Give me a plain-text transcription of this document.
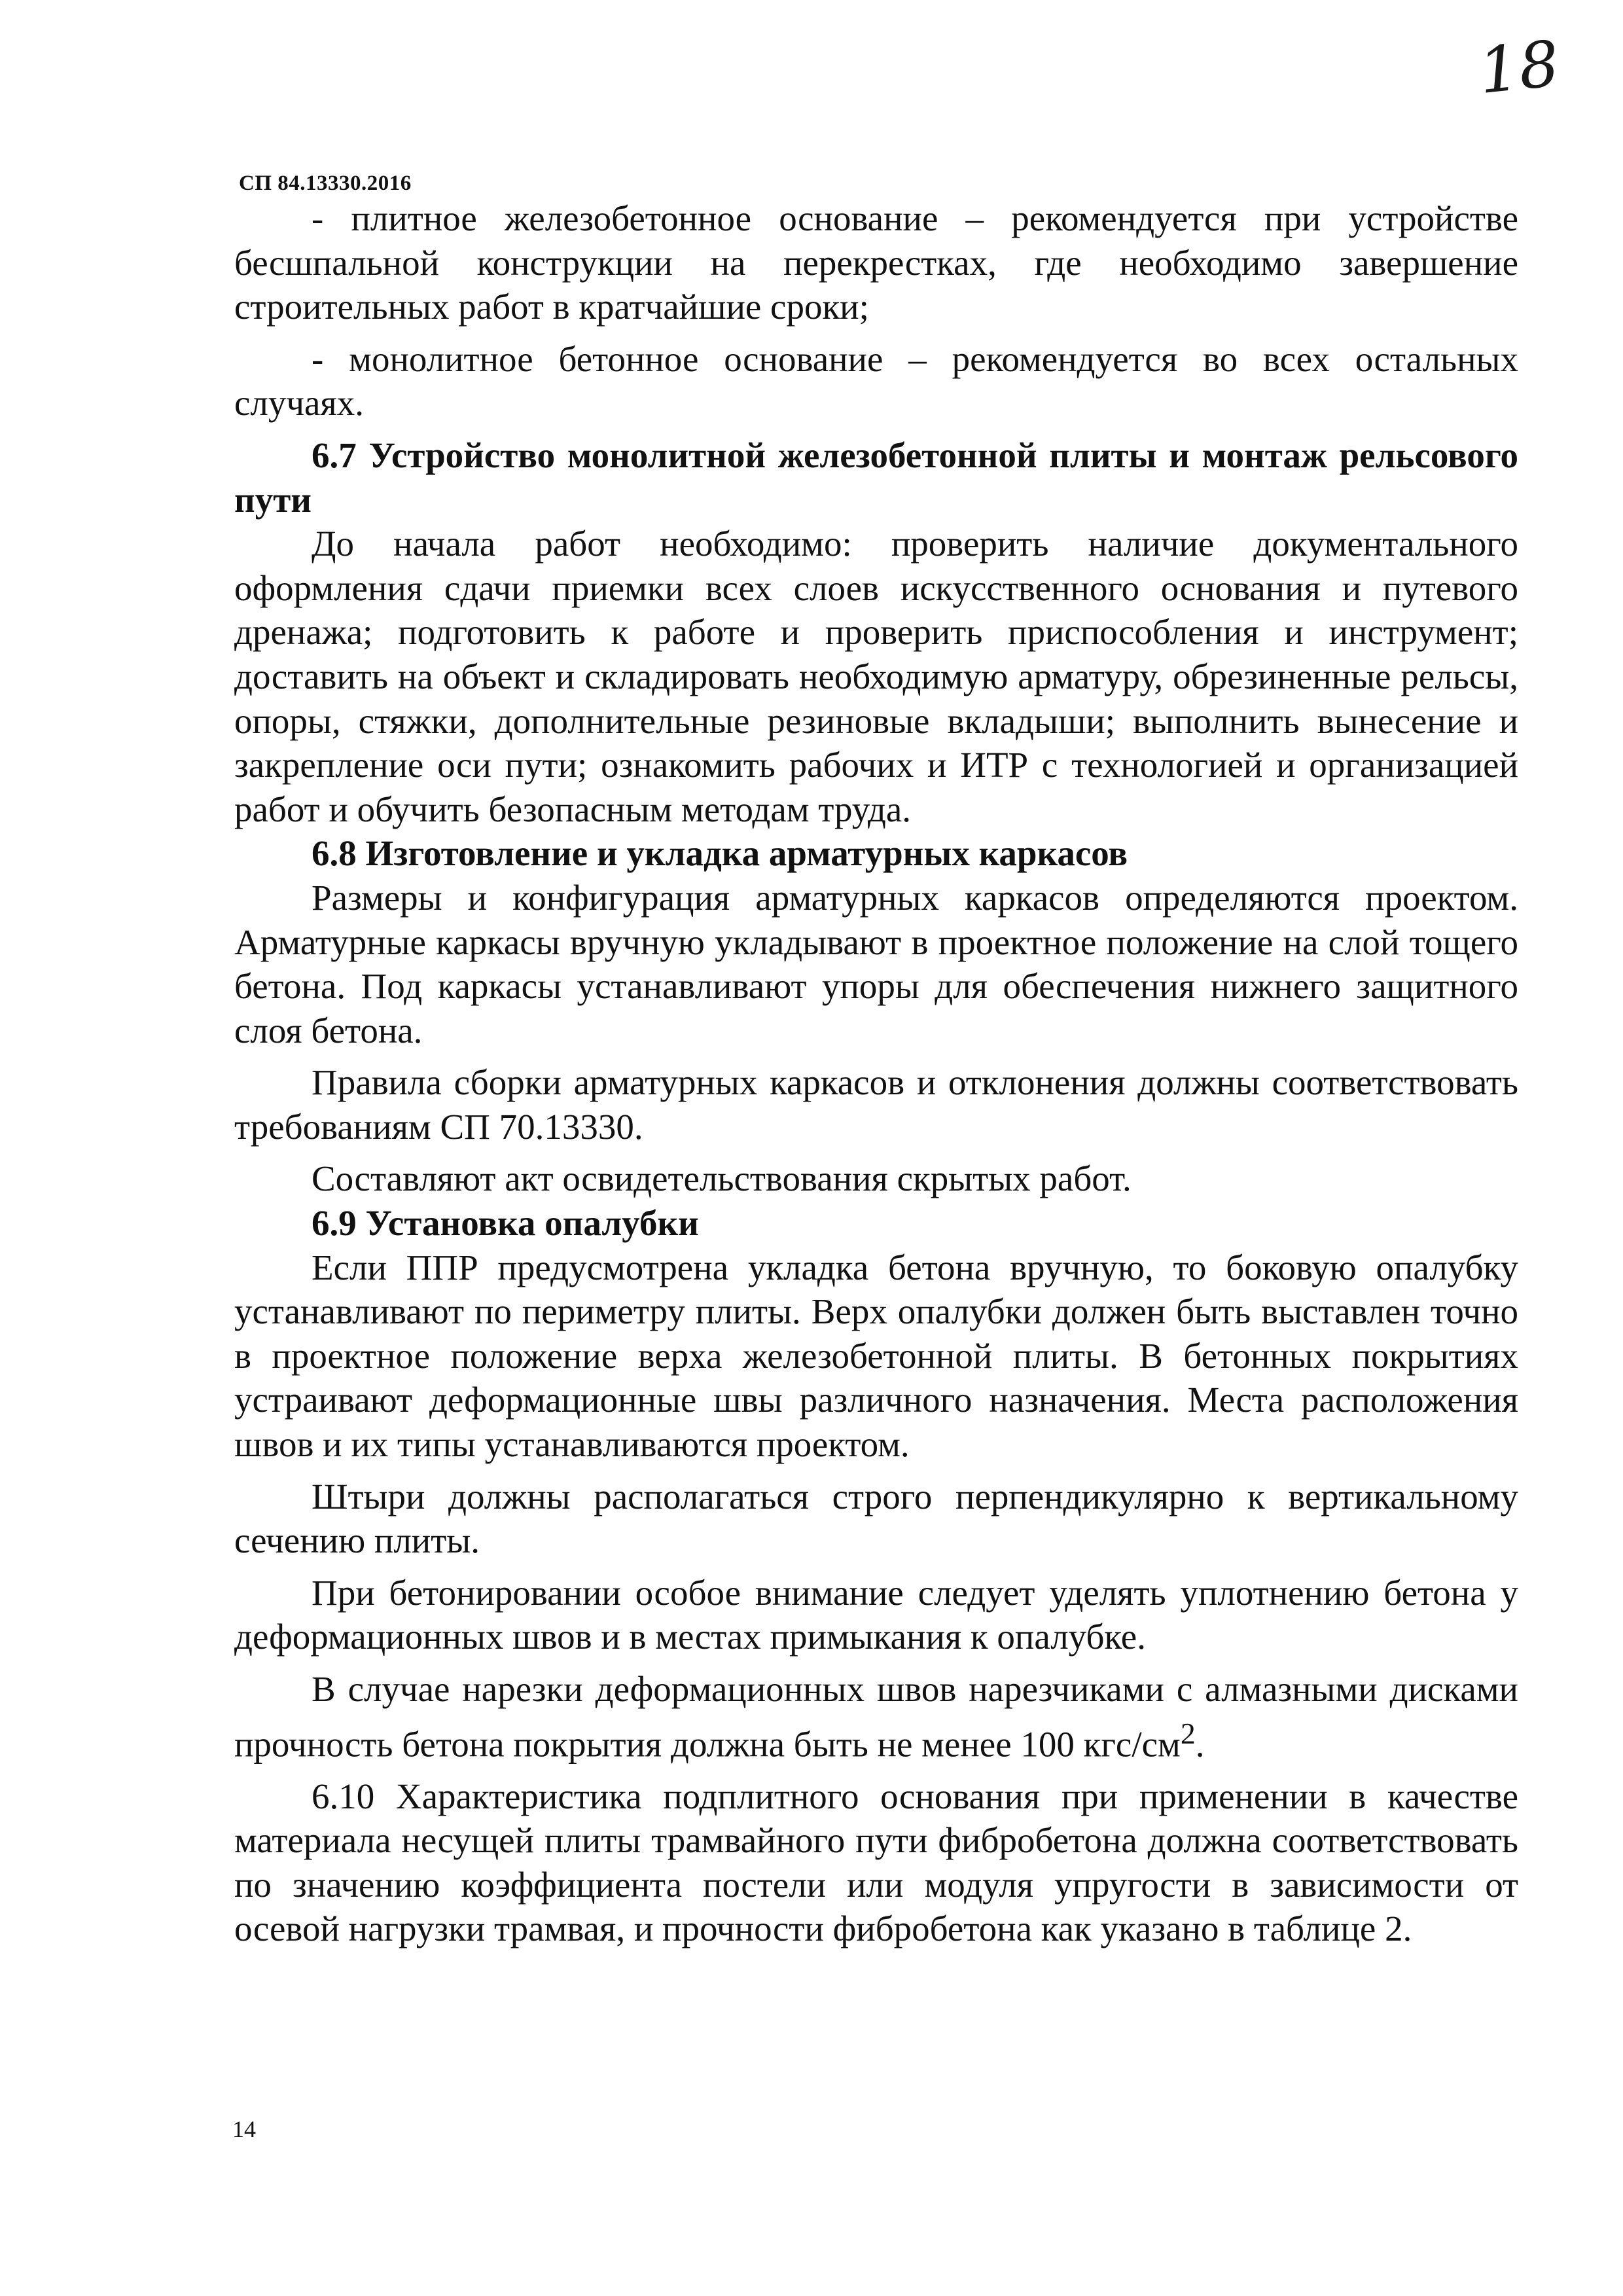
18
СП 84.13330.2016

- плитное железобетонное основание – рекомендуется при устройстве бесшпальной конструкции на перекрестках, где необходимо завершение строительных работ в кратчайшие сроки;

- монолитное бетонное основание – рекомендуется во всех остальных случаях.

6.7 Устройство монолитной железобетонной плиты и монтаж рельсового пути

До начала работ необходимо: проверить наличие документального оформления сдачи приемки всех слоев искусственного основания и путевого дренажа; подготовить к работе и проверить приспособления и инструмент; доставить на объект и складировать необходимую арматуру, обрезиненные рельсы, опоры, стяжки, дополнительные резиновые вкладыши; выполнить вынесение и закрепление оси пути; ознакомить рабочих и ИТР с технологией и организацией работ и обучить безопасным методам труда.

6.8 Изготовление и укладка арматурных каркасов

Размеры и конфигурация арматурных каркасов определяются проектом. Арматурные каркасы вручную укладывают в проектное положение на слой тощего бетона. Под каркасы устанавливают упоры для обеспечения нижнего защитного слоя бетона.

Правила сборки арматурных каркасов и отклонения должны соответствовать требованиям СП 70.13330.

Составляют акт освидетельствования скрытых работ.

6.9 Установка опалубки

Если ППР предусмотрена укладка бетона вручную, то боковую опалубку устанавливают по периметру плиты. Верх опалубки должен быть выставлен точно в проектное положение верха железобетонной плиты. В бетонных покрытиях устраивают деформационные швы различного назначения. Места расположения швов и их типы устанавливаются проектом.

Штыри должны располагаться строго перпендикулярно к вертикальному сечению плиты.

При бетонировании особое внимание следует уделять уплотнению бетона у деформационных швов и в местах примыкания к опалубке.

В случае нарезки деформационных швов нарезчиками с алмазными дисками прочность бетона покрытия должна быть не менее 100 кгс/$см^2$.

6.10 Характеристика подплитного основания при применении в качестве материала несущей плиты трамвайного пути фибробетона должна соответствовать по значению коэффициента постели или модуля упругости в зависимости от осевой нагрузки трамвая, и прочности фибробетона как указано в таблице 2.

14
